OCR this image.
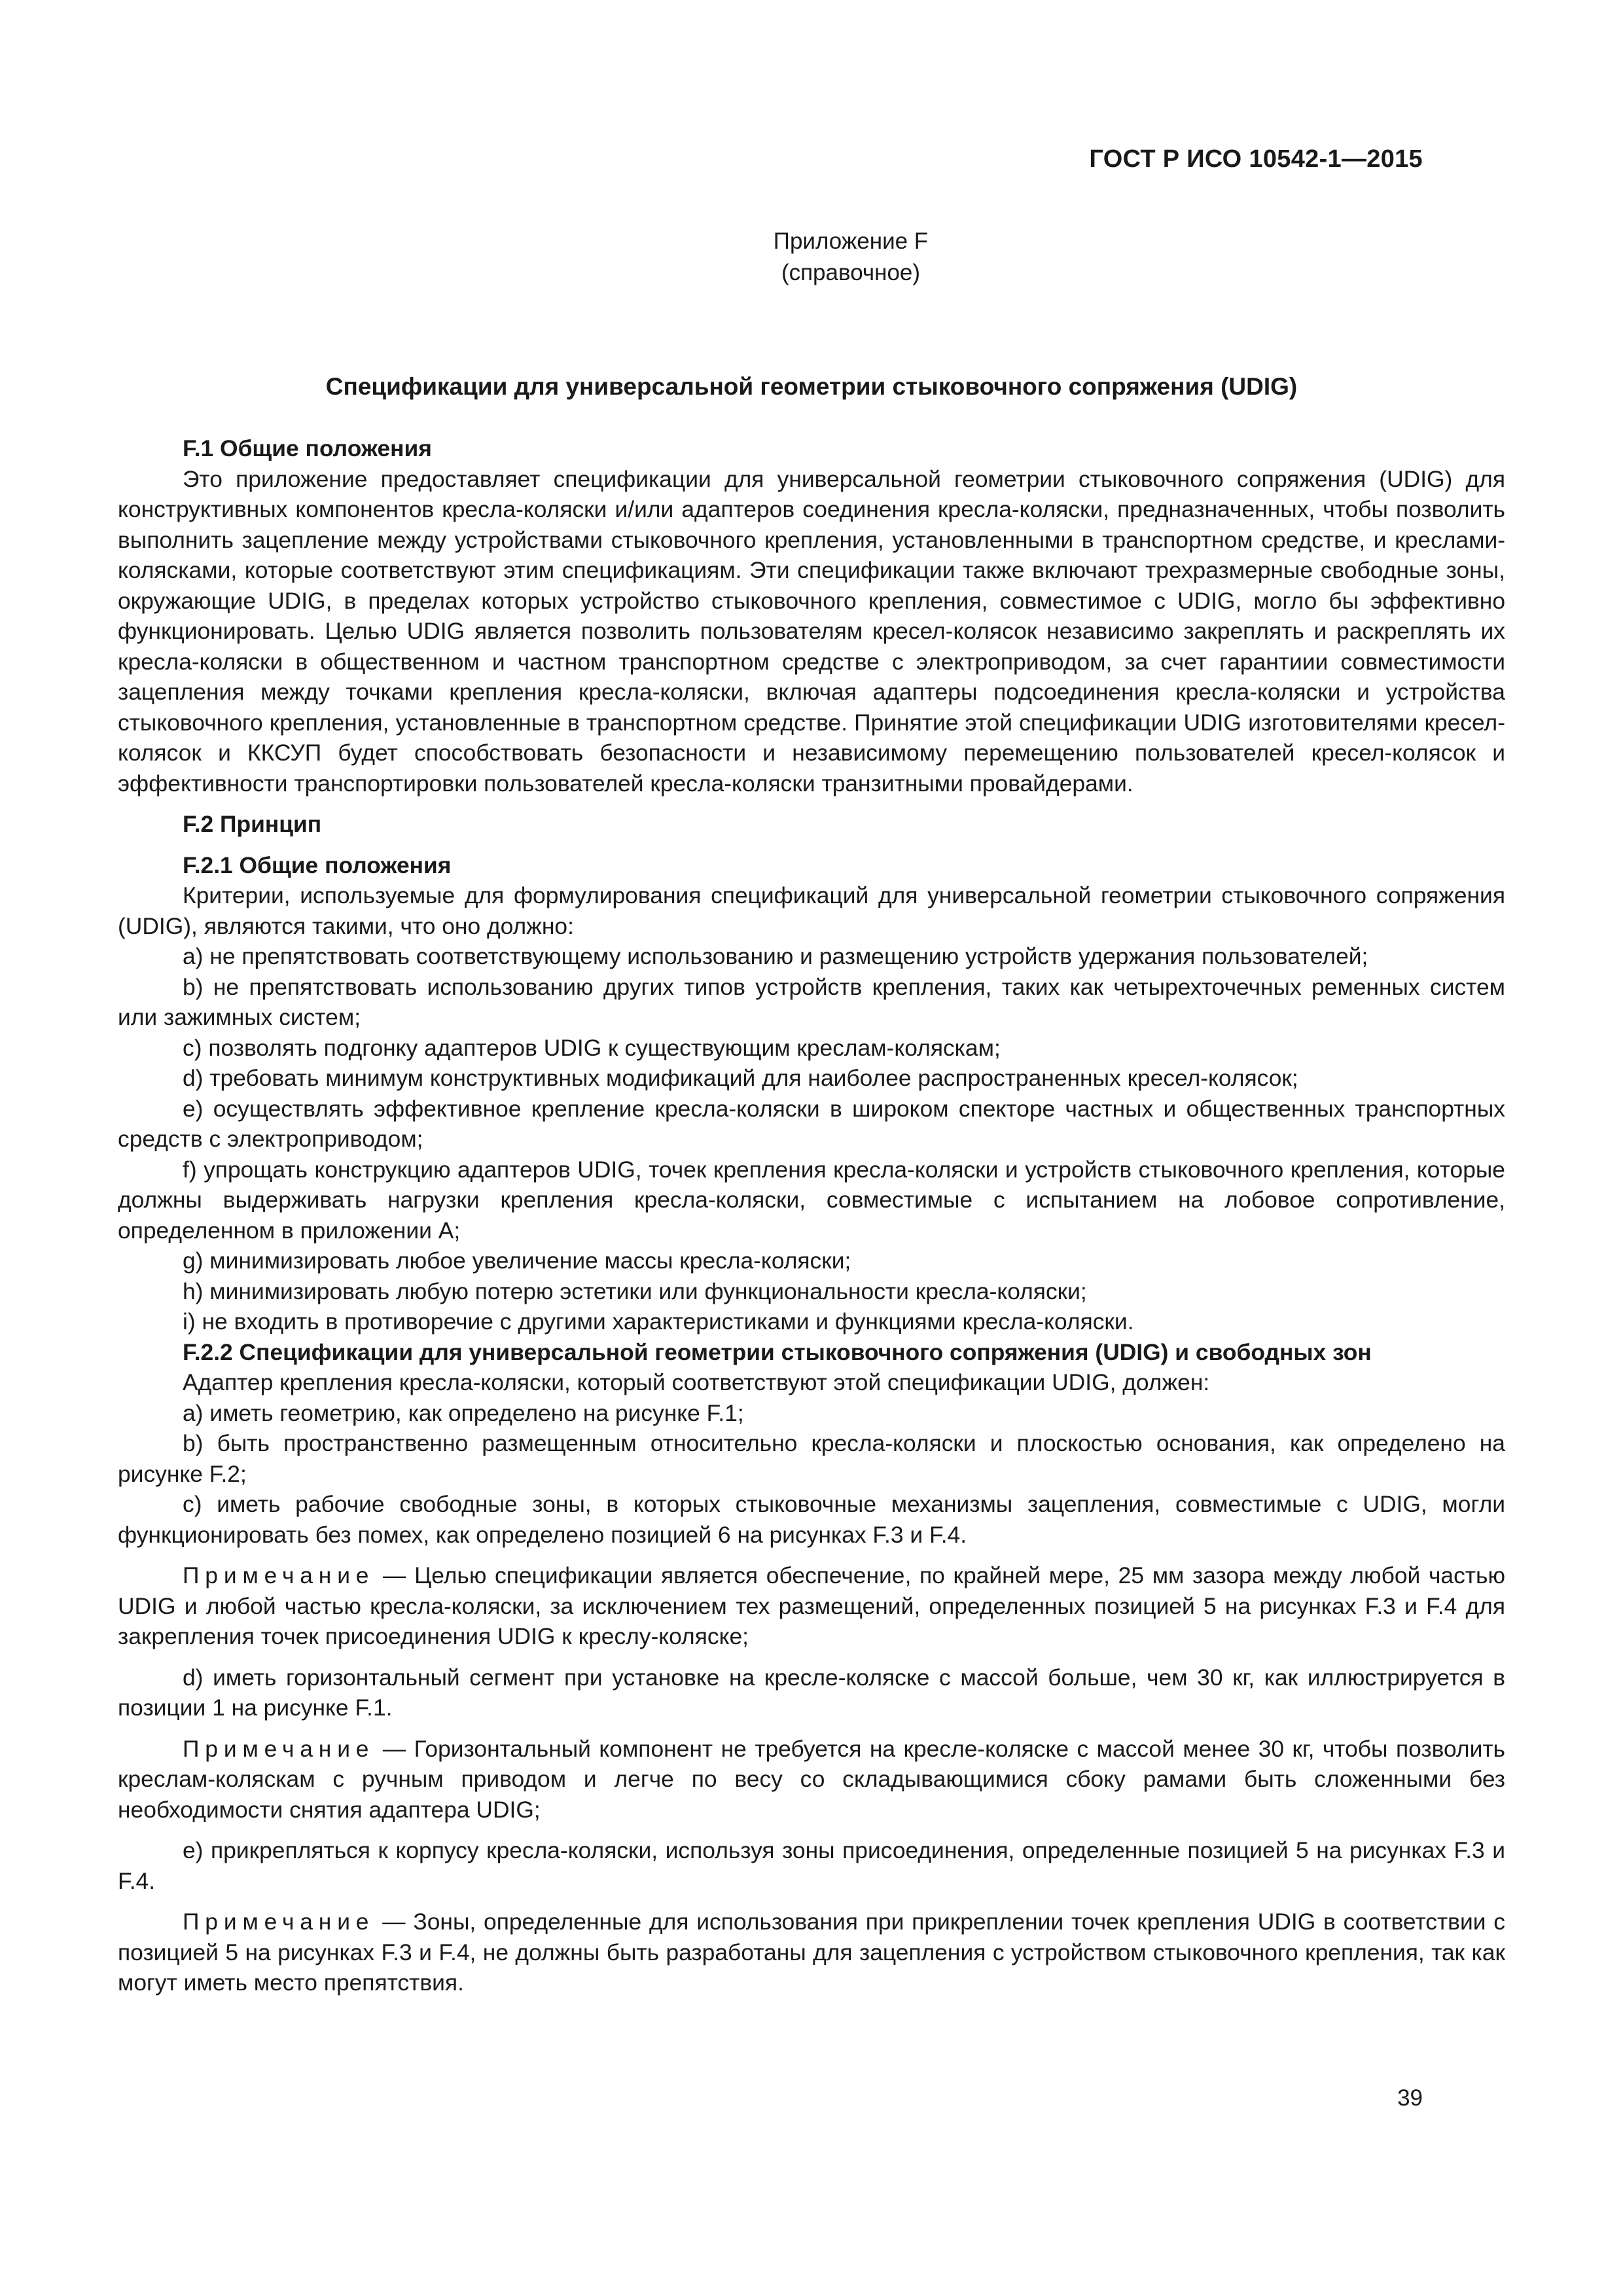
ГОСТ Р ИСО 10542-1—2015
Приложение F
(справочное)
Спецификации для универсальной геометрии стыковочного сопряжения (UDIG)
F.1 Общие положения

Это приложение предоставляет спецификации для универсальной геометрии стыковочного сопряжения (UDIG) для конструктивных компонентов кресла-коляски и/или адаптеров соединения кресла-коляски, предназначенных, чтобы позволить выполнить зацепление между устройствами стыковочного крепления, установленными в транспортном средстве, и креслами-колясками, которые соответствуют этим спецификациям. Эти спецификации также включают трехразмерные свободные зоны, окружающие UDIG, в пределах которых устройство стыковочного крепления, совместимое с UDIG, могло бы эффективно функционировать. Целью UDIG является позволить пользователям кресел-колясок независимо закреплять и раскреплять их кресла-коляски в общественном и частном транспортном средстве с электроприводом, за счет гарантиии совместимости зацепления между точками крепления кресла-коляски, включая адаптеры подсоединения кресла-коляски и устройства стыковочного крепления, установленные в транспортном средстве. Принятие этой спецификации UDIG изготовителями кресел-колясок и ККСУП будет способствовать безопасности и независимому перемещению пользователей кресел-колясок и эффективности транспортировки пользователей кресла-коляски транзитными провайдерами.

F.2 Принцип
F.2.1 Общие положения

Критерии, используемые для формулирования спецификаций для универсальной геометрии стыковочного сопряжения (UDIG), являются такими, что оно должно:

a) не препятствовать соответствующему использованию и размещению устройств удержания пользователей;

b) не препятствовать использованию других типов устройств крепления, таких как четырехточечных ременных систем или зажимных систем;

c) позволять подгонку адаптеров UDIG к существующим креслам-коляскам;

d) требовать минимум конструктивных модификаций для наиболее распространенных кресел-колясок;

e) осуществлять эффективное крепление кресла-коляски в широком спекторе частных и общественных транспортных средств с электроприводом;

f) упрощать конструкцию адаптеров UDIG, точек крепления кресла-коляски и устройств стыковочного крепления, которые должны выдерживать нагрузки крепления кресла-коляски, совместимые с испытанием на лобовое сопротивление, определенном в приложении А;

g) минимизировать любое увеличение массы кресла-коляски;

h) минимизировать любую потерю эстетики или функциональности кресла-коляски;

i) не входить в противоречие с другими характеристиками и функциями кресла-коляски.

F.2.2 Спецификации для универсальной геометрии стыковочного сопряжения (UDIG) и свободных зон

Адаптер крепления кресла-коляски, который соответствуют этой спецификации UDIG, должен:

a) иметь геометрию, как определено на рисунке F.1;

b) быть пространственно размещенным относительно кресла-коляски и плоскостью основания, как определено на рисунке F.2;

c) иметь рабочие свободные зоны, в которых стыковочные механизмы зацепления, совместимые с UDIG, могли функционировать без помех, как определено позицией 6 на рисунках F.3 и F.4.

Примечание — Целью спецификации является обеспечение, по крайней мере, 25 мм зазора между любой частью UDIG и любой частью кресла-коляски, за исключением тех размещений, определенных позицией 5 на рисунках F.3 и F.4 для закрепления точек присоединения UDIG к креслу-коляске;

d) иметь горизонтальный сегмент при установке на кресле-коляске с массой больше, чем 30 кг, как иллюстрируется в позиции 1 на рисунке F.1.

Примечание — Горизонтальный компонент не требуется на кресле-коляске с массой менее 30 кг, чтобы позволить креслам-коляскам с ручным приводом и легче по весу со складывающимися сбоку рамами быть сложенными без необходимости снятия адаптера UDIG;

e) прикрепляться к корпусу кресла-коляски, используя зоны присоединения, определенные позицией 5 на рисунках F.3 и F.4.

Примечание — Зоны, определенные для использования при прикреплении точек крепления UDIG в соответствии с позицией 5 на рисунках F.3 и F.4, не должны быть разработаны для зацепления с устройством стыковочного крепления, так как могут иметь место препятствия.

39
